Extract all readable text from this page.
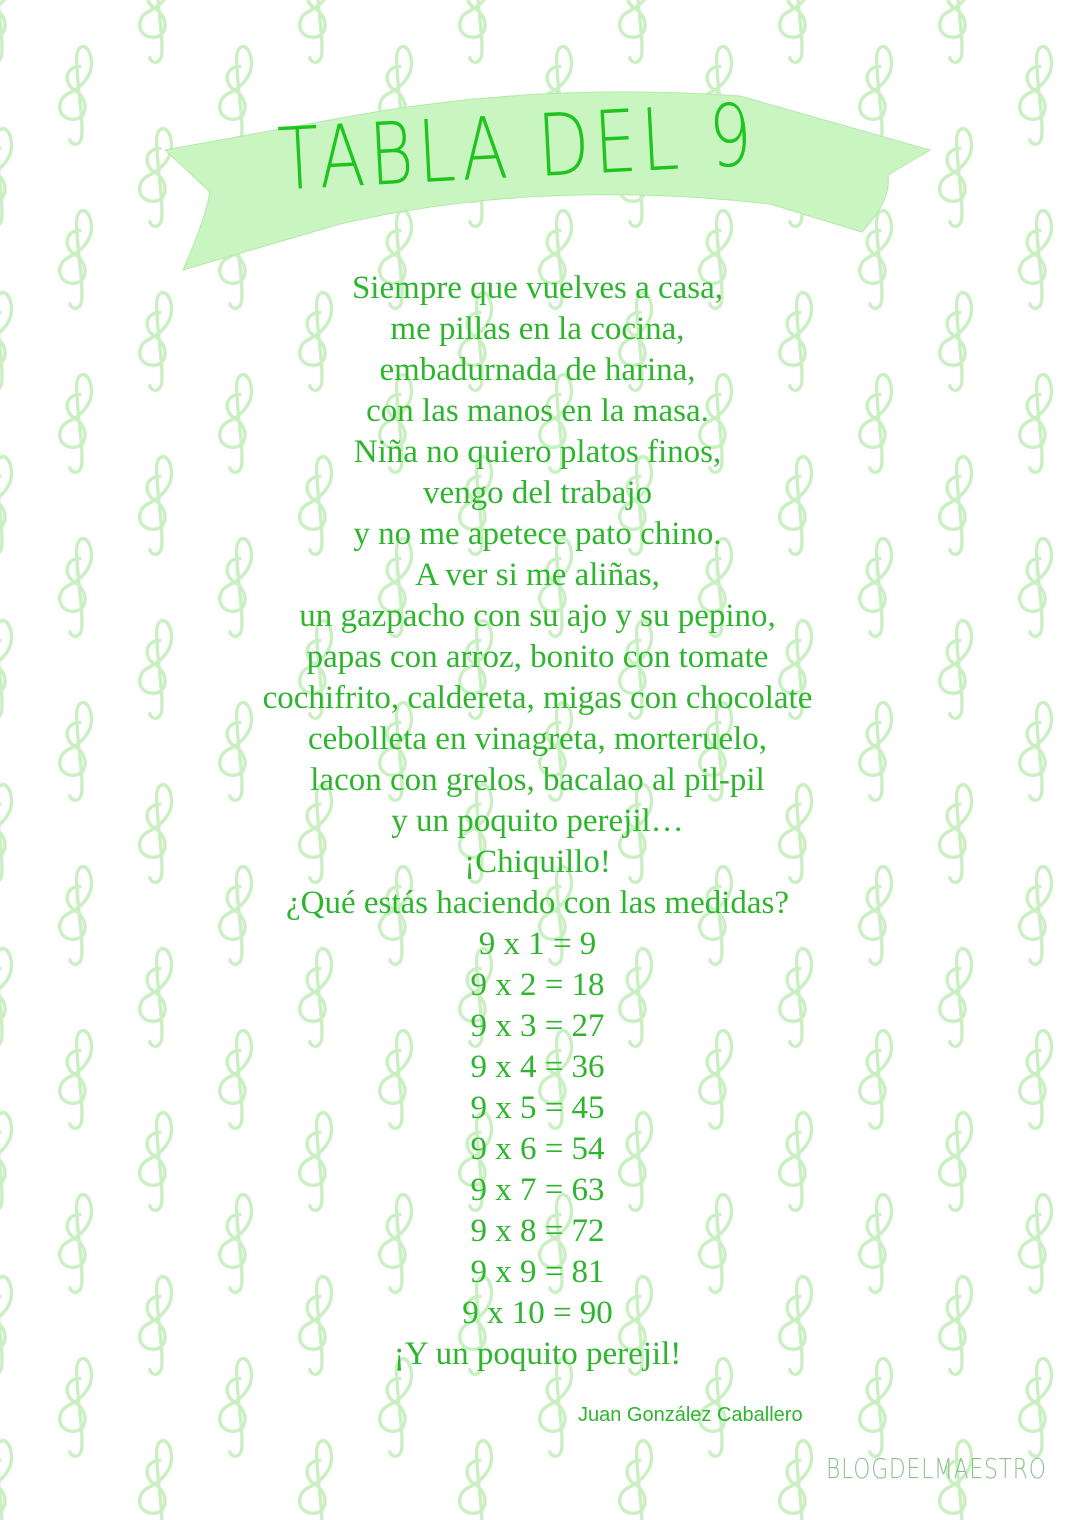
TABLA DEL 9
Siempre que vuelves a casa,
me pillas en la cocina,
embadurnada de harina,
con las manos en la masa.
Niña no quiero platos finos,
vengo del trabajo
y no me apetece pato chino.
A ver si me aliñas,
un gazpacho con su ajo y su pepino,
papas con arroz, bonito con tomate
cochifrito, caldereta, migas con chocolate
cebolleta en vinagreta, morteruelo,
lacon con grelos, bacalao al pil-pil
y un poquito perejil…
¡Chiquillo!
¿Qué estás haciendo con las medidas?
9 x 1 = 9
9 x 2 = 18
9 x 3 = 27
9 x 4 = 36
9 x 5 = 45
9 x 6 = 54
9 x 7 = 63
9 x 8 = 72
9 x 9 = 81
9 x 10 = 90
¡Y un poquito perejil!
Juan González Caballero
BLOGDELMAESTRO
